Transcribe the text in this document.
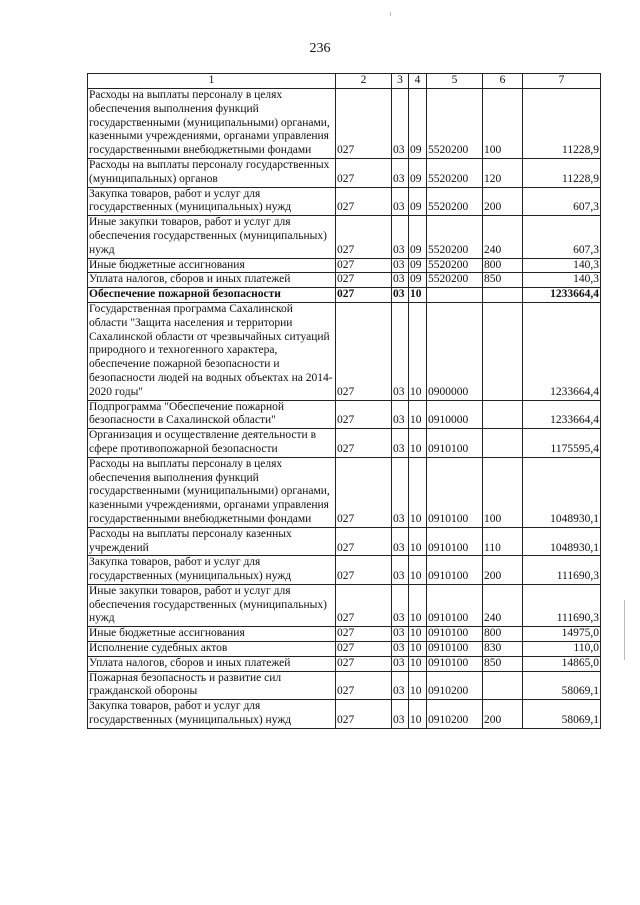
236
1	2	3	4	5	6	7
Расходы на выплаты персоналу в целях обеспечения выполнения функций государственными (муниципальными) органами, казенными учреждениями, органами управления государственными внебюджетными фондами	027	03	09	5520200	100	11228,9
Расходы на выплаты персоналу государственных (муниципальных) органов	027	03	09	5520200	120	11228,9
Закупка товаров, работ и услуг для государственных (муниципальных) нужд	027	03	09	5520200	200	607,3
Иные закупки товаров, работ и услуг для обеспечения государственных (муниципальных) нужд	027	03	09	5520200	240	607,3
Иные бюджетные ассигнования	027	03	09	5520200	800	140,3
Уплата налогов, сборов и иных платежей	027	03	09	5520200	850	140,3
Обеспечение пожарной безопасности	027	03	10			1233664,4
Государственная программа Сахалинской области "Защита населения и территории Сахалинской области от чрезвычайных ситуаций природного и техногенного характера, обеспечение пожарной безопасности и безопасности людей на водных объектах на 2014-2020 годы"	027	03	10	0900000		1233664,4
Подпрограмма "Обеспечение пожарной безопасности в Сахалинской области"	027	03	10	0910000		1233664,4
Организация и осуществление деятельности в сфере противопожарной безопасности	027	03	10	0910100		1175595,4
Расходы на выплаты персоналу в целях обеспечения выполнения функций государственными (муниципальными) органами, казенными учреждениями, органами управления государственными внебюджетными фондами	027	03	10	0910100	100	1048930,1
Расходы на выплаты персоналу казенных учреждений	027	03	10	0910100	110	1048930,1
Закупка товаров, работ и услуг для государственных (муниципальных) нужд	027	03	10	0910100	200	111690,3
Иные закупки товаров, работ и услуг для обеспечения государственных (муниципальных) нужд	027	03	10	0910100	240	111690,3
Иные бюджетные ассигнования	027	03	10	0910100	800	14975,0
Исполнение судебных актов	027	03	10	0910100	830	110,0
Уплата налогов, сборов и иных платежей	027	03	10	0910100	850	14865,0
Пожарная безопасность и развитие сил гражданской обороны	027	03	10	0910200		58069,1
Закупка товаров, работ и услуг для государственных (муниципальных) нужд	027	03	10	0910200	200	58069,1
